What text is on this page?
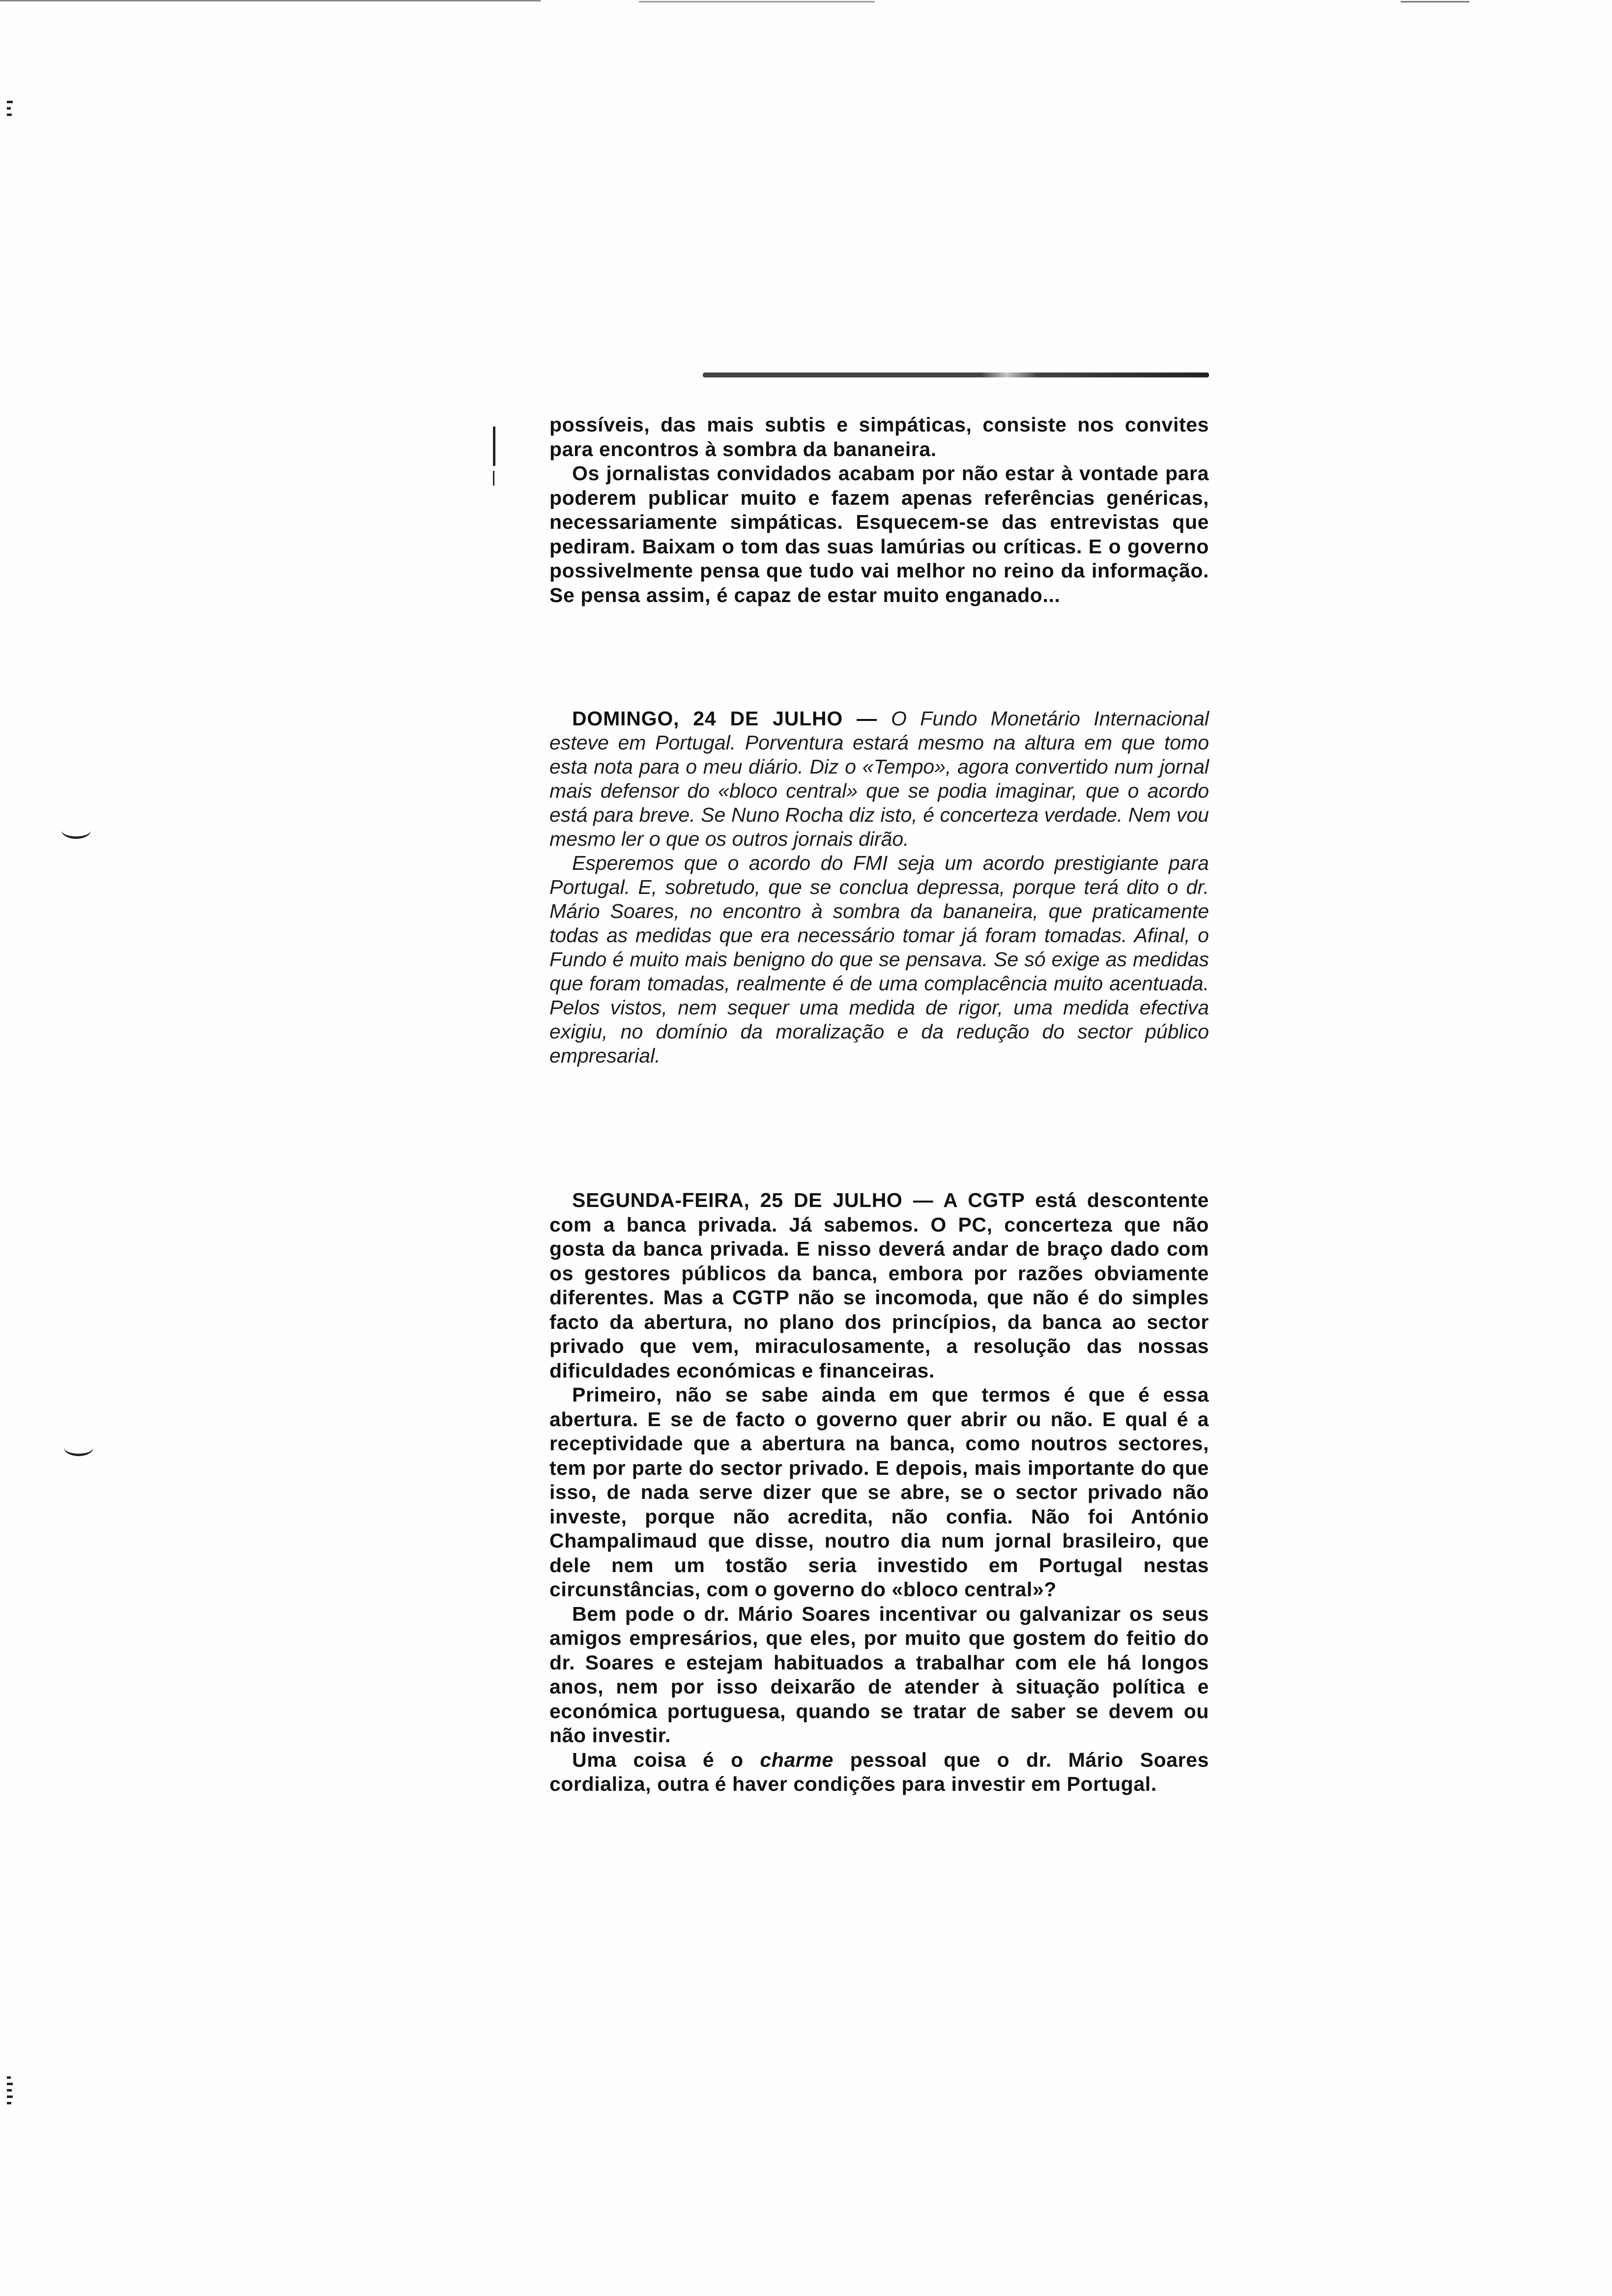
possíveis, das mais subtis e simpáticas, consiste nos convites para encontros à sombra da bananeira.

Os jornalistas convidados acabam por não estar à vontade para poderem publicar muito e fazem apenas referências genéricas, necessariamente simpáticas. Esquecem-se das entrevistas que pediram. Baixam o tom das suas lamúrias ou críticas. E o governo possivelmente pensa que tudo vai melhor no reino da informação. Se pensa assim, é capaz de estar muito enganado...

DOMINGO, 24 DE JULHO — O Fundo Monetário Internacional esteve em Portugal. Porventura estará mesmo na altura em que tomo esta nota para o meu diário. Diz o «Tempo», agora convertido num jornal mais defensor do «bloco central» que se podia imaginar, que o acordo está para breve. Se Nuno Rocha diz isto, é concerteza verdade. Nem vou mesmo ler o que os outros jornais dirão.

Esperemos que o acordo do FMI seja um acordo prestigiante para Portugal. E, sobretudo, que se conclua depressa, porque terá dito o dr. Mário Soares, no encontro à sombra da bananeira, que praticamente todas as medidas que era necessário tomar já foram tomadas. Afinal, o Fundo é muito mais benigno do que se pensava. Se só exige as medidas que foram tomadas, realmente é de uma complacência muito acentuada. Pelos vistos, nem sequer uma medida de rigor, uma medida efectiva exigiu, no domínio da moralização e da redução do sector público empresarial.

SEGUNDA-FEIRA, 25 DE JULHO — A CGTP está descontente com a banca privada. Já sabemos. O PC, concerteza que não gosta da banca privada. E nisso deverá andar de braço dado com os gestores públicos da banca, embora por razões obviamente diferentes. Mas a CGTP não se incomoda, que não é do simples facto da abertura, no plano dos princípios, da banca ao sector privado que vem, miraculosamente, a resolução das nossas dificuldades económicas e financeiras.

Primeiro, não se sabe ainda em que termos é que é essa abertura. E se de facto o governo quer abrir ou não. E qual é a receptividade que a abertura na banca, como noutros sectores, tem por parte do sector privado. E depois, mais importante do que isso, de nada serve dizer que se abre, se o sector privado não investe, porque não acredita, não confia. Não foi António Champalimaud que disse, noutro dia num jornal brasileiro, que dele nem um tostão seria investido em Portugal nestas circunstâncias, com o governo do «bloco central»?

Bem pode o dr. Mário Soares incentivar ou galvanizar os seus amigos empresários, que eles, por muito que gostem do feitio do dr. Soares e estejam habituados a trabalhar com ele há longos anos, nem por isso deixarão de atender à situação política e económica portuguesa, quando se tratar de saber se devem ou não investir.

Uma coisa é o charme pessoal que o dr. Mário Soares cordializa, outra é haver condições para investir em Portugal.
